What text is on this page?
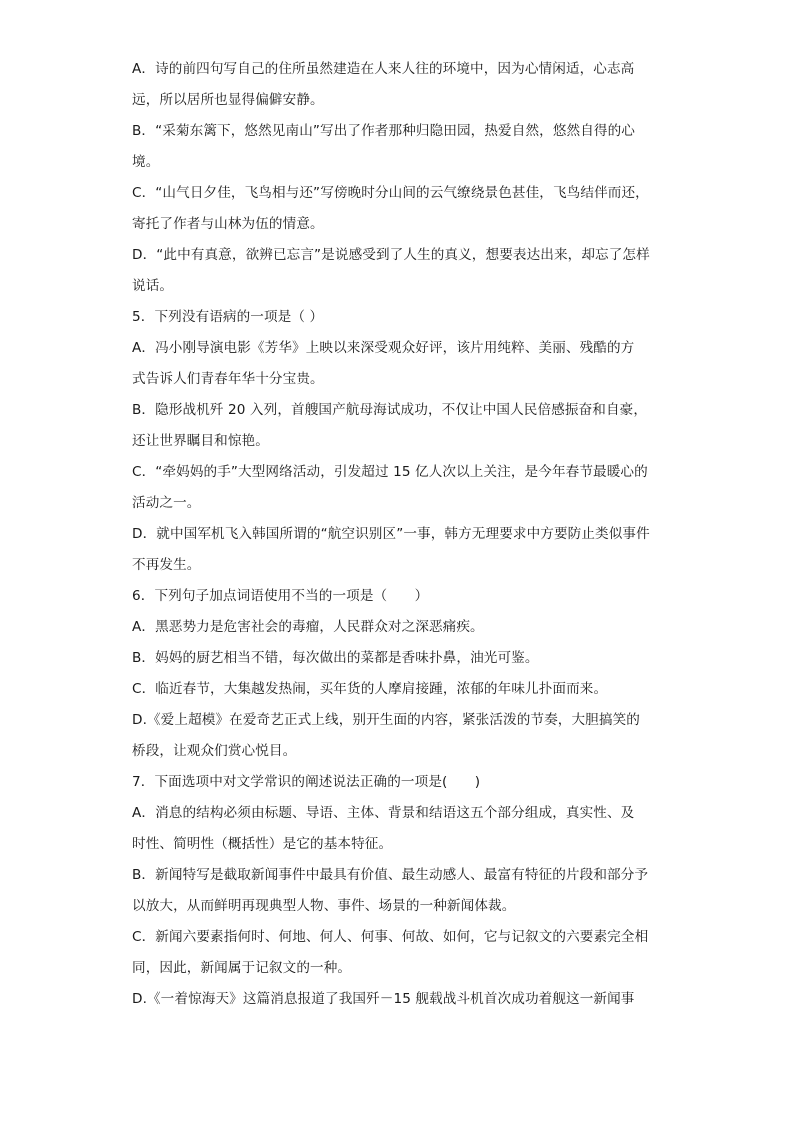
A．诗的前四句写自己的住所虽然建造在人来人往的环境中，因为心情闲适，心志高

远，所以居所也显得偏僻安静。

B．“采菊东篱下，悠然见南山”写出了作者那种归隐田园，热爱自然，悠然自得的心

境。

C．“山气日夕佳，飞鸟相与还”写傍晚时分山间的云气缭绕景色甚佳，飞鸟结伴而还，

寄托了作者与山林为伍的情意。

D．“此中有真意，欲辨已忘言”是说感受到了人生的真义，想要表达出来，却忘了怎样

说话。

5．下列没有语病的一项是（ ）

A．冯小刚导演电影《芳华》上映以来深受观众好评，该片用纯粹、美丽、残酷的方

式告诉人们青春年华十分宝贵。

B．隐形战机歼 20 入列，首艘国产航母海试成功，不仅让中国人民倍感振奋和自豪，

还让世界瞩目和惊艳。

C．“牵妈妈的手”大型网络活动，引发超过 15 亿人次以上关注，是今年春节最暖心的

活动之一。

D．就中国军机飞入韩国所谓的“航空识别区”一事，韩方无理要求中方要防止类似事件

不再发生。

6．下列句子加点词语使用不当的一项是（　　）

A．黑恶势力是危害社会的毒瘤，人民群众对之深恶痛疾。

B．妈妈的厨艺相当不错，每次做出的菜都是香味扑鼻，油光可鉴。

C．临近春节，大集越发热闹，买年货的人摩肩接踵，浓郁的年味儿扑面而来。

D.《爱上超模》在爱奇艺正式上线，别开生面的内容，紧张活泼的节奏，大胆搞笑的

桥段，让观众们赏心悦目。

7．下面选项中对文学常识的阐述说法正确的一项是(　　)

A．消息的结构必须由标题、导语、主体、背景和结语这五个部分组成，真实性、及

时性、简明性（概括性）是它的基本特征。

B．新闻特写是截取新闻事件中最具有价值、最生动感人、最富有特征的片段和部分予

以放大，从而鲜明再现典型人物、事件、场景的一种新闻体裁。

C．新闻六要素指何时、何地、何人、何事、何故、如何，它与记叙文的六要素完全相

同，因此，新闻属于记叙文的一种。

D.《一着惊海天》这篇消息报道了我国歼－15 舰载战斗机首次成功着舰这一新闻事
